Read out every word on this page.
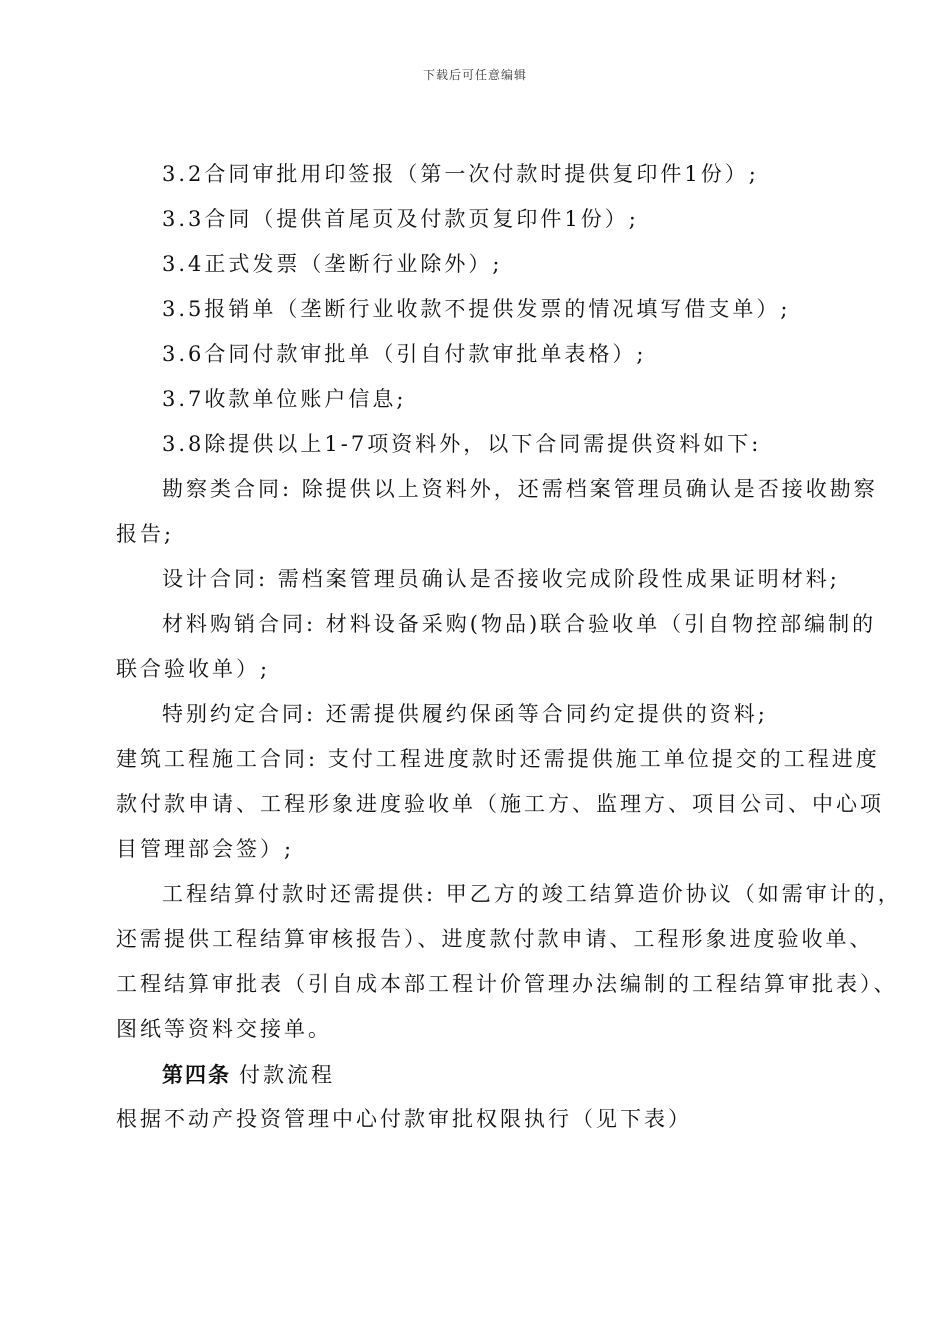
下载后可任意编辑
3.2合同审批用印签报（第一次付款时提供复印件1份）;
3.3合同（提供首尾页及付款页复印件1份）;
3.4正式发票（垄断行业除外）;
3.5报销单（垄断行业收款不提供发票的情况填写借支单）;
3.6合同付款审批单（引自付款审批单表格）;
3.7收款单位账户信息;
3.8除提供以上1-7项资料外，以下合同需提供资料如下:
勘察类合同: 除提供以上资料外，还需档案管理员确认是否接收勘察
报告;
设计合同: 需档案管理员确认是否接收完成阶段性成果证明材料;
材料购销合同: 材料设备采购(物品)联合验收单（引自物控部编制的
联合验收单）;
特别约定合同: 还需提供履约保函等合同约定提供的资料;
建筑工程施工合同: 支付工程进度款时还需提供施工单位提交的工程进度
款付款申请、工程形象进度验收单（施工方、监理方、项目公司、中心项
目管理部会签）;
工程结算付款时还需提供: 甲乙方的竣工结算造价协议（如需审计的，
还需提供工程结算审核报告）、进度款付款申请、工程形象进度验收单、
工程结算审批表（引自成本部工程计价管理办法编制的工程结算审批表）、
图纸等资料交接单。
第四条 付款流程
根据不动产投资管理中心付款审批权限执行（见下表）
